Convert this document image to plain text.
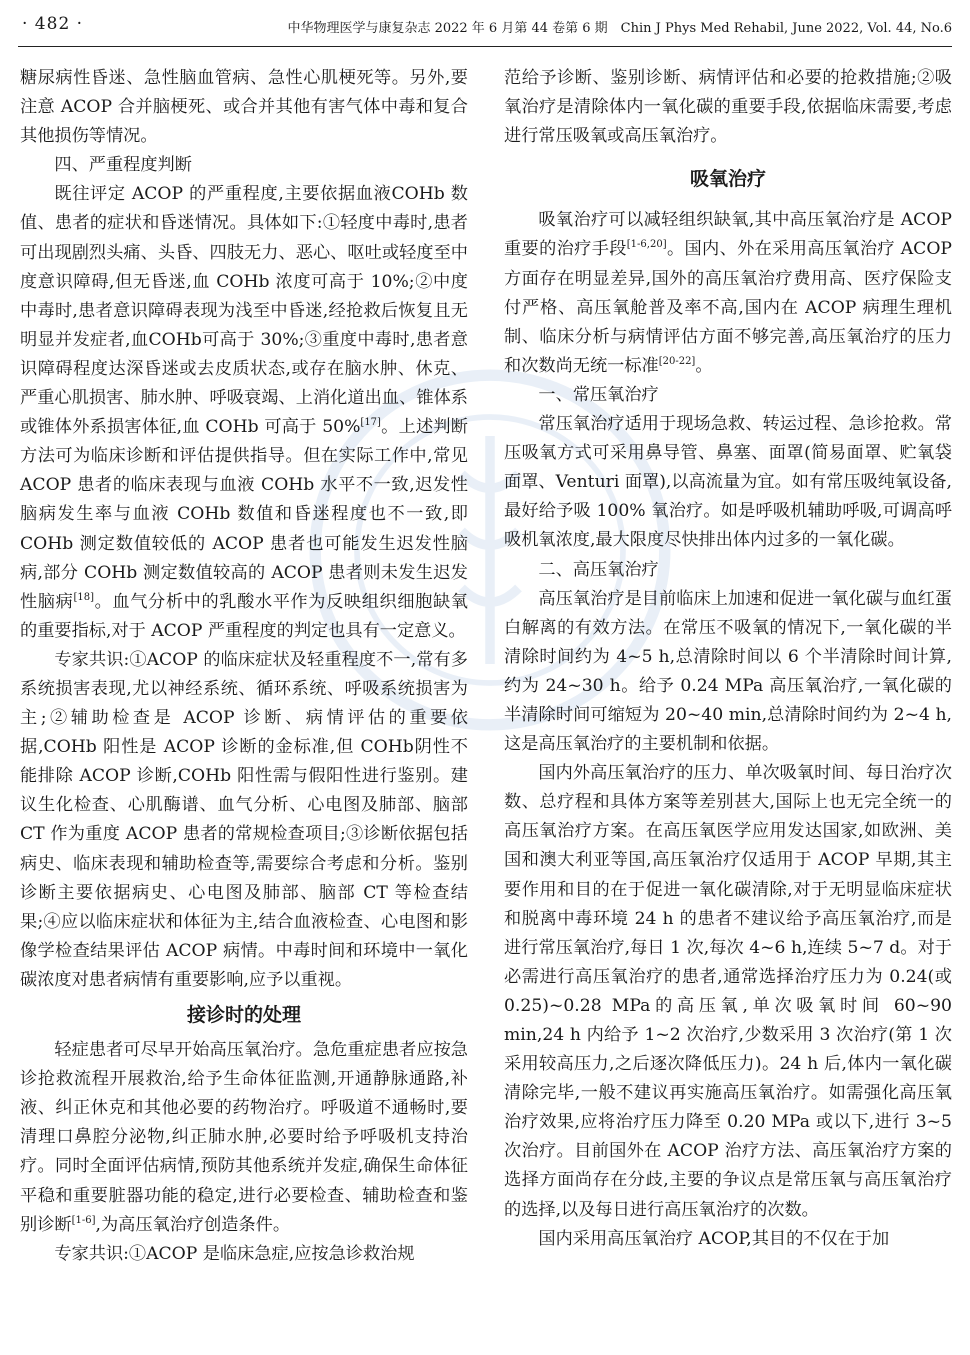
· 482 ·	中华物理医学与康复杂志 2022 年 6 月第 44 卷第 6 期　Chin J Phys Med Rehabil, June 2022, Vol. 44, No.6

糖尿病性昏迷、急性脑血管病、急性心肌梗死等。另外,要注意 ACOP 合并脑梗死、或合并其他有害气体中毒和复合其他损伤等情况。

四、严重程度判断

既往评定 ACOP 的严重程度,主要依据血液COHb 数值、患者的症状和昏迷情况。具体如下:①轻度中毒时,患者可出现剧烈头痛、头昏、四肢无力、恶心、呕吐或轻度至中度意识障碍,但无昏迷,血 COHb 浓度可高于 10%;②中度中毒时,患者意识障碍表现为浅至中昏迷,经抢救后恢复且无明显并发症者,血COHb可高于 30%;③重度中毒时,患者意识障碍程度达深昏迷或去皮质状态,或存在脑水肿、休克、严重心肌损害、肺水肿、呼吸衰竭、上消化道出血、锥体系或锥体外系损害体征,血 COHb 可高于 50%[17]。上述判断方法可为临床诊断和评估提供指导。但在实际工作中,常见 ACOP 患者的临床表现与血液 COHb 水平不一致,迟发性脑病发生率与血液 COHb 数值和昏迷程度也不一致,即 COHb 测定数值较低的 ACOP 患者也可能发生迟发性脑病,部分 COHb 测定数值较高的 ACOP 患者则未发生迟发性脑病[18]。血气分析中的乳酸水平作为反映组织细胞缺氧的重要指标,对于 ACOP 严重程度的判定也具有一定意义。

专家共识:①ACOP 的临床症状及轻重程度不一,常有多系统损害表现,尤以神经系统、循环系统、呼吸系统损害为主;②辅助检查是 ACOP 诊断、病情评估的重要依据,COHb 阳性是 ACOP 诊断的金标准,但 COHb阴性不能排除 ACOP 诊断,COHb 阳性需与假阳性进行鉴别。建议生化检查、心肌酶谱、血气分析、心电图及肺部、脑部 CT 作为重度 ACOP 患者的常规检查项目;③诊断依据包括病史、临床表现和辅助检查等,需要综合考虑和分析。鉴别诊断主要依据病史、心电图及肺部、脑部 CT 等检查结果;④应以临床症状和体征为主,结合血液检查、心电图和影像学检查结果评估 ACOP 病情。中毒时间和环境中一氧化碳浓度对患者病情有重要影响,应予以重视。

接诊时的处理

轻症患者可尽早开始高压氧治疗。急危重症患者应按急诊抢救流程开展救治,给予生命体征监测,开通静脉通路,补液、纠正休克和其他必要的药物治疗。呼吸道不通畅时,要清理口鼻腔分泌物,纠正肺水肿,必要时给予呼吸机支持治疗。同时全面评估病情,预防其他系统并发症,确保生命体征平稳和重要脏器功能的稳定,进行必要检查、辅助检查和鉴别诊断[1-6],为高压氧治疗创造条件。

专家共识:①ACOP 是临床急症,应按急诊救治规

范给予诊断、鉴别诊断、病情评估和必要的抢救措施;②吸氧治疗是清除体内一氧化碳的重要手段,依据临床需要,考虑进行常压吸氧或高压氧治疗。

吸氧治疗

吸氧治疗可以减轻组织缺氧,其中高压氧治疗是 ACOP 重要的治疗手段[1-6,20]。国内、外在采用高压氧治疗 ACOP 方面存在明显差异,国外的高压氧治疗费用高、医疗保险支付严格、高压氧舱普及率不高,国内在 ACOP 病理生理机制、临床分析与病情评估方面不够完善,高压氧治疗的压力和次数尚无统一标准[20-22]。

一、常压氧治疗

常压氧治疗适用于现场急救、转运过程、急诊抢救。常压吸氧方式可采用鼻导管、鼻塞、面罩(简易面罩、贮氧袋面罩、Venturi 面罩),以高流量为宜。如有常压吸纯氧设备,最好给予吸 100% 氧治疗。如是呼吸机辅助呼吸,可调高呼吸机氧浓度,最大限度尽快排出体内过多的一氧化碳。

二、高压氧治疗

高压氧治疗是目前临床上加速和促进一氧化碳与血红蛋白解离的有效方法。在常压不吸氧的情况下,一氧化碳的半清除时间约为 4~5 h,总清除时间以 6 个半清除时间计算,约为 24~30 h。给予 0.24 MPa 高压氧治疗,一氧化碳的半清除时间可缩短为 20~40 min,总清除时间约为 2~4 h,这是高压氧治疗的主要机制和依据。

国内外高压氧治疗的压力、单次吸氧时间、每日治疗次数、总疗程和具体方案等差别甚大,国际上也无完全统一的高压氧治疗方案。在高压氧医学应用发达国家,如欧洲、美国和澳大利亚等国,高压氧治疗仅适用于 ACOP 早期,其主要作用和目的在于促进一氧化碳清除,对于无明显临床症状和脱离中毒环境 24 h 的患者不建议给予高压氧治疗,而是进行常压氧治疗,每日 1 次,每次 4~6 h,连续 5~7 d。对于必需进行高压氧治疗的患者,通常选择治疗压力为 0.24(或 0.25)~0.28 MPa的高压氧,单次吸氧时间 60~90 min,24 h 内给予 1~2 次治疗,少数采用 3 次治疗(第 1 次采用较高压力,之后逐次降低压力)。24 h 后,体内一氧化碳清除完毕,一般不建议再实施高压氧治疗。如需强化高压氧治疗效果,应将治疗压力降至 0.20 MPa 或以下,进行 3~5 次治疗。目前国外在 ACOP 治疗方法、高压氧治疗方案的选择方面尚存在分歧,主要的争议点是常压氧与高压氧治疗的选择,以及每日进行高压氧治疗的次数。

国内采用高压氧治疗 ACOP,其目的不仅在于加
